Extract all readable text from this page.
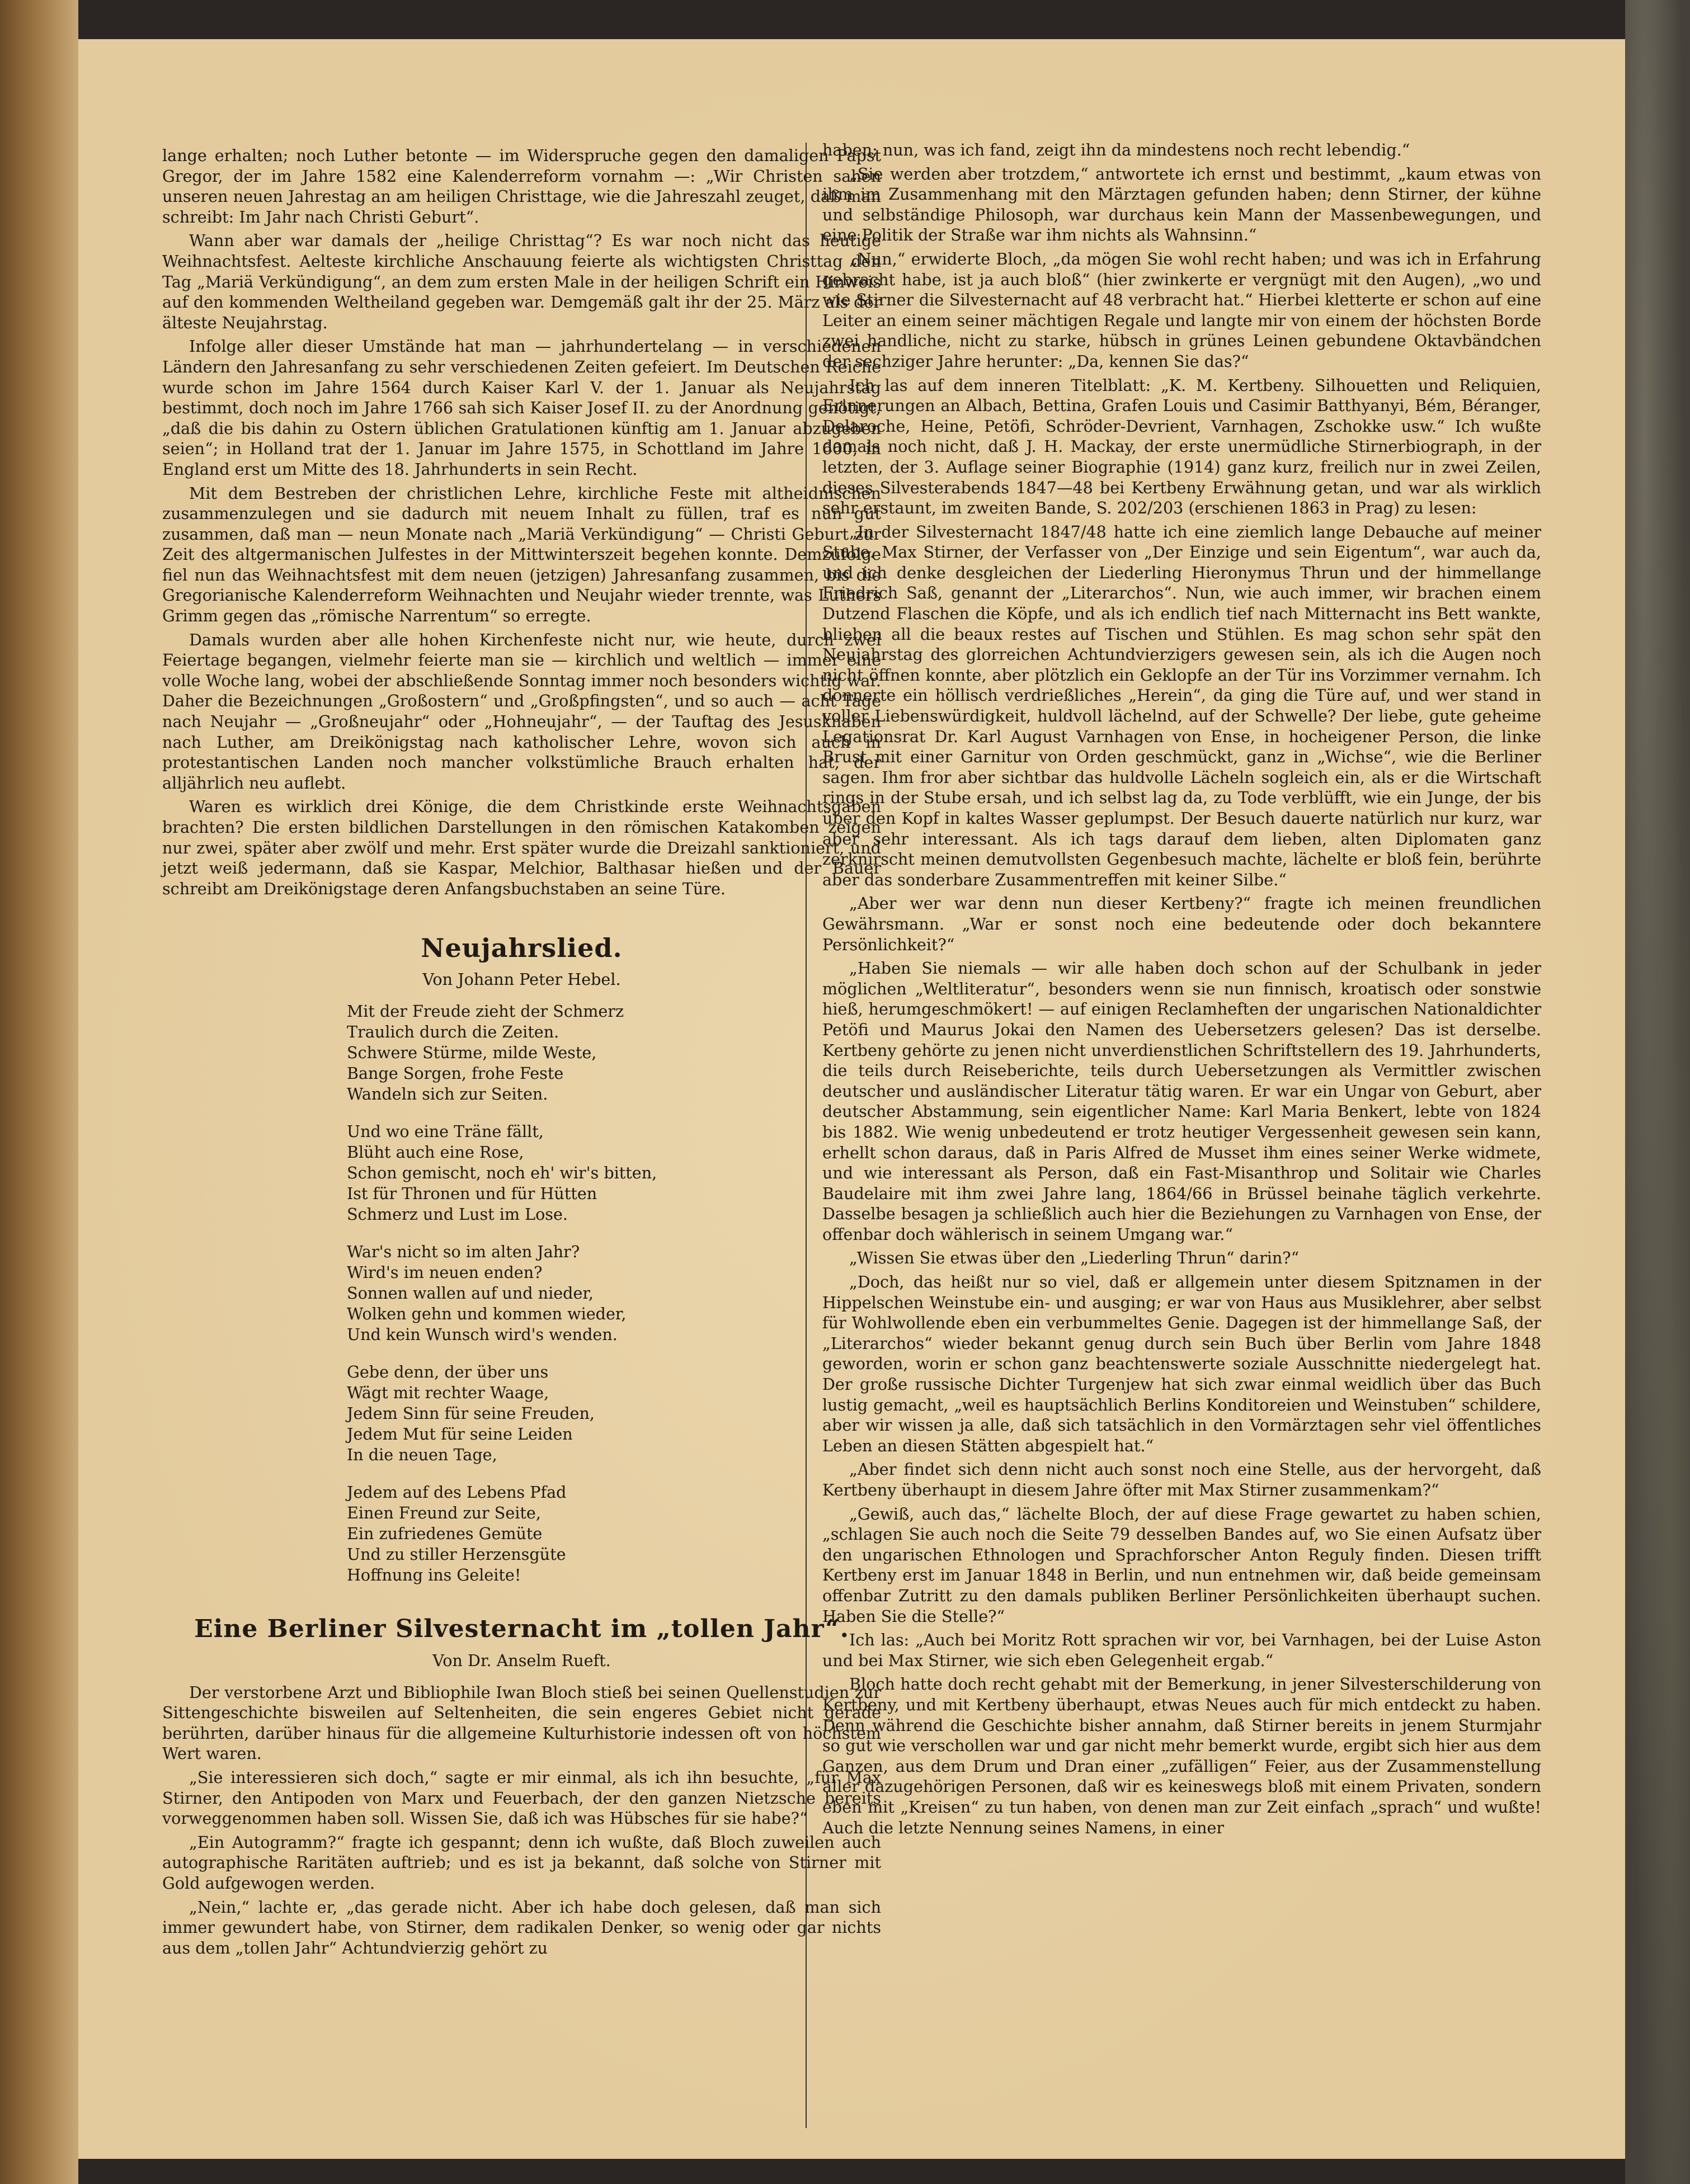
lange erhalten; noch Luther betonte — im Widerspruche gegen den damaligen Papst Gregor, der im Jahre 1582 eine Kalenderreform vornahm —: „Wir Christen sahen unseren neuen Jahrestag an am heiligen Christtage, wie die Jahreszahl zeuget, daß man schreibt: Im Jahr nach Christi Geburt“.

Wann aber war damals der „heilige Christtag“? Es war noch nicht das heutige Weihnachtsfest. Aelteste kirchliche Anschauung feierte als wichtigsten Christtag den Tag „Mariä Verkündigung“, an dem zum ersten Male in der heiligen Schrift ein Hinweis auf den kommenden Weltheiland gegeben war. Demgemäß galt ihr der 25. März als der älteste Neujahrstag.

Infolge aller dieser Umstände hat man — jahrhundertelang — in verschiedenen Ländern den Jahresanfang zu sehr verschiedenen Zeiten gefeiert. Im Deutschen Reiche wurde schon im Jahre 1564 durch Kaiser Karl V. der 1. Januar als Neujahrstag bestimmt, doch noch im Jahre 1766 sah sich Kaiser Josef II. zu der Anordnung genötigt, „daß die bis dahin zu Ostern üblichen Gratulationen künftig am 1. Januar abzugeben seien“; in Holland trat der 1. Januar im Jahre 1575, in Schottland im Jahre 1600, in England erst um Mitte des 18. Jahrhunderts in sein Recht.

Mit dem Bestreben der christlichen Lehre, kirchliche Feste mit altheidnischen zusammenzulegen und sie dadurch mit neuem Inhalt zu füllen, traf es nun gut zusammen, daß man — neun Monate nach „Mariä Verkündigung“ — Christi Geburt zur Zeit des altgermanischen Julfestes in der Mittwinterszeit begehen konnte. Demzufolge fiel nun das Weihnachtsfest mit dem neuen (jetzigen) Jahresanfang zusammen, bis die Gregorianische Kalenderreform Weihnachten und Neujahr wieder trennte, was Luthers Grimm gegen das „römische Narrentum“ so erregte.

Damals wurden aber alle hohen Kirchenfeste nicht nur, wie heute, durch zwei Feiertage begangen, vielmehr feierte man sie — kirchlich und weltlich — immer eine volle Woche lang, wobei der abschließende Sonntag immer noch besonders wichtig war. Daher die Bezeichnungen „Großostern“ und „Großpfingsten“, und so auch — acht Tage nach Neujahr — „Großneujahr“ oder „Hohneujahr“, — der Tauftag des Jesusknaben nach Luther, am Dreikönigstag nach katholischer Lehre, wovon sich auch in protestantischen Landen noch mancher volkstümliche Brauch erhalten hat, der alljährlich neu auflebt.

Waren es wirklich drei Könige, die dem Christkinde erste Weihnachtsgaben brachten? Die ersten bildlichen Darstellungen in den römischen Katakomben zeigen nur zwei, später aber zwölf und mehr. Erst später wurde die Dreizahl sanktioniert, und jetzt weiß jedermann, daß sie Kaspar, Melchior, Balthasar hießen und der Bauer schreibt am Dreikönigstage deren Anfangsbuchstaben an seine Türe.

Neujahrslied.
Von Johann Peter Hebel.
Mit der Freude zieht der Schmerz
Traulich durch die Zeiten.
Schwere Stürme, milde Weste,
Bange Sorgen, frohe Feste
Wandeln sich zur Seiten.
Und wo eine Träne fällt,
Blüht auch eine Rose,
Schon gemischt, noch eh' wir's bitten,
Ist für Thronen und für Hütten
Schmerz und Lust im Lose.
War's nicht so im alten Jahr?
Wird's im neuen enden?
Sonnen wallen auf und nieder,
Wolken gehn und kommen wieder,
Und kein Wunsch wird's wenden.
Gebe denn, der über uns
Wägt mit rechter Waage,
Jedem Sinn für seine Freuden,
Jedem Mut für seine Leiden
In die neuen Tage,
Jedem auf des Lebens Pfad
Einen Freund zur Seite,
Ein zufriedenes Gemüte
Und zu stiller Herzensgüte
Hoffnung ins Geleite!
Eine Berliner Silvesternacht im „tollen Jahr“.
Von Dr. Anselm Rueft.

Der verstorbene Arzt und Bibliophile Iwan Bloch stieß bei seinen Quellenstudien zur Sittengeschichte bisweilen auf Seltenheiten, die sein engeres Gebiet nicht gerade berührten, darüber hinaus für die allgemeine Kulturhistorie indessen oft von höchstem Wert waren.

„Sie interessieren sich doch,“ sagte er mir einmal, als ich ihn besuchte, „für Max Stirner, den Antipoden von Marx und Feuerbach, der den ganzen Nietzsche bereits vorweggenommen haben soll. Wissen Sie, daß ich was Hübsches für sie habe?“

„Ein Autogramm?“ fragte ich gespannt; denn ich wußte, daß Bloch zuweilen auch autographische Raritäten auftrieb; und es ist ja bekannt, daß solche von Stirner mit Gold aufgewogen werden.

„Nein,“ lachte er, „das gerade nicht. Aber ich habe doch gelesen, daß man sich immer gewundert habe, von Stirner, dem radikalen Denker, so wenig oder gar nichts aus dem „tollen Jahr“ Achtundvierzig gehört zu

haben; nun, was ich fand, zeigt ihn da mindestens noch recht lebendig.“

„Sie werden aber trotzdem,“ antwortete ich ernst und bestimmt, „kaum etwas von ihm im Zusammenhang mit den Märztagen gefunden haben; denn Stirner, der kühne und selbständige Philosoph, war durchaus kein Mann der Massenbewegungen, und eine Politik der Straße war ihm nichts als Wahnsinn.“

„Nun,“ erwiderte Bloch, „da mögen Sie wohl recht haben; und was ich in Erfahrung gebracht habe, ist ja auch bloß“ (hier zwinkerte er vergnügt mit den Augen), „wo und wie Stirner die Silvesternacht auf 48 verbracht hat.“ Hierbei kletterte er schon auf eine Leiter an einem seiner mächtigen Regale und langte mir von einem der höchsten Borde zwei handliche, nicht zu starke, hübsch in grünes Leinen gebundene Oktavbändchen der sechziger Jahre herunter: „Da, kennen Sie das?“

Ich las auf dem inneren Titelblatt: „K. M. Kertbeny. Silhouetten und Reliquien, Erinnerungen an Albach, Bettina, Grafen Louis und Casimir Batthyanyi, Bém, Béranger, Delaroche, Heine, Petöfi, Schröder-Devrient, Varnhagen, Zschokke usw.“ Ich wußte damals noch nicht, daß J. H. Mackay, der erste unermüdliche Stirnerbiograph, in der letzten, der 3. Auflage seiner Biographie (1914) ganz kurz, freilich nur in zwei Zeilen, dieses Silvesterabends 1847—48 bei Kertbeny Erwähnung getan, und war als wirklich sehr erstaunt, im zweiten Bande, S. 202/203 (erschienen 1863 in Prag) zu lesen:

„In der Silvesternacht 1847/48 hatte ich eine ziemlich lange Debauche auf meiner Stube. Max Stirner, der Verfasser von „Der Einzige und sein Eigentum“, war auch da, und ich denke desgleichen der Liederling Hieronymus Thrun und der himmellange Friedrich Saß, genannt der „Literarchos“. Nun, wie auch immer, wir brachen einem Dutzend Flaschen die Köpfe, und als ich endlich tief nach Mitternacht ins Bett wankte, blieben all die beaux restes auf Tischen und Stühlen. Es mag schon sehr spät den Neujahrstag des glorreichen Achtundvierzigers gewesen sein, als ich die Augen noch nicht öffnen konnte, aber plötzlich ein Geklopfe an der Tür ins Vorzimmer vernahm. Ich donnerte ein höllisch verdrießliches „Herein“, da ging die Türe auf, und wer stand in voller Liebenswürdigkeit, huldvoll lächelnd, auf der Schwelle? Der liebe, gute geheime Legationsrat Dr. Karl August Varnhagen von Ense, in hocheigener Person, die linke Brust mit einer Garnitur von Orden geschmückt, ganz in „Wichse“, wie die Berliner sagen. Ihm fror aber sichtbar das huldvolle Lächeln sogleich ein, als er die Wirtschaft rings in der Stube ersah, und ich selbst lag da, zu Tode verblüfft, wie ein Junge, der bis über den Kopf in kaltes Wasser geplumpst. Der Besuch dauerte natürlich nur kurz, war aber sehr interessant. Als ich tags darauf dem lieben, alten Diplomaten ganz zerknirscht meinen demutvollsten Gegenbesuch machte, lächelte er bloß fein, berührte aber das sonderbare Zusammentreffen mit keiner Silbe.“

„Aber wer war denn nun dieser Kertbeny?“ fragte ich meinen freundlichen Gewährsmann. „War er sonst noch eine bedeutende oder doch bekanntere Persönlichkeit?“

„Haben Sie niemals — wir alle haben doch schon auf der Schulbank in jeder möglichen „Weltliteratur“, besonders wenn sie nun finnisch, kroatisch oder sonstwie hieß, herumgeschmökert! — auf einigen Reclamheften der ungarischen Nationaldichter Petöfi und Maurus Jokai den Namen des Uebersetzers gelesen? Das ist derselbe. Kertbeny gehörte zu jenen nicht unverdienstlichen Schriftstellern des 19. Jahrhunderts, die teils durch Reiseberichte, teils durch Uebersetzungen als Vermittler zwischen deutscher und ausländischer Literatur tätig waren. Er war ein Ungar von Geburt, aber deutscher Abstammung, sein eigentlicher Name: Karl Maria Benkert, lebte von 1824 bis 1882. Wie wenig unbedeutend er trotz heutiger Vergessenheit gewesen sein kann, erhellt schon daraus, daß in Paris Alfred de Musset ihm eines seiner Werke widmete, und wie interessant als Person, daß ein Fast-Misanthrop und Solitair wie Charles Baudelaire mit ihm zwei Jahre lang, 1864/66 in Brüssel beinahe täglich verkehrte. Dasselbe besagen ja schließlich auch hier die Beziehungen zu Varnhagen von Ense, der offenbar doch wählerisch in seinem Umgang war.“

„Wissen Sie etwas über den „Liederling Thrun“ darin?“

„Doch, das heißt nur so viel, daß er allgemein unter diesem Spitznamen in der Hippelschen Weinstube ein- und ausging; er war von Haus aus Musiklehrer, aber selbst für Wohlwollende eben ein verbummeltes Genie. Dagegen ist der himmellange Saß, der „Literarchos“ wieder bekannt genug durch sein Buch über Berlin vom Jahre 1848 geworden, worin er schon ganz beachtenswerte soziale Ausschnitte niedergelegt hat. Der große russische Dichter Turgenjew hat sich zwar einmal weidlich über das Buch lustig gemacht, „weil es hauptsächlich Berlins Konditoreien und Weinstuben“ schildere, aber wir wissen ja alle, daß sich tatsächlich in den Vormärztagen sehr viel öffentliches Leben an diesen Stätten abgespielt hat.“

„Aber findet sich denn nicht auch sonst noch eine Stelle, aus der hervorgeht, daß Kertbeny überhaupt in diesem Jahre öfter mit Max Stirner zusammenkam?“

„Gewiß, auch das,“ lächelte Bloch, der auf diese Frage gewartet zu haben schien, „schlagen Sie auch noch die Seite 79 desselben Bandes auf, wo Sie einen Aufsatz über den ungarischen Ethnologen und Sprachforscher Anton Reguly finden. Diesen trifft Kertbeny erst im Januar 1848 in Berlin, und nun entnehmen wir, daß beide gemeinsam offenbar Zutritt zu den damals publiken Berliner Persönlichkeiten überhaupt suchen. Haben Sie die Stelle?“

Ich las: „Auch bei Moritz Rott sprachen wir vor, bei Varnhagen, bei der Luise Aston und bei Max Stirner, wie sich eben Gelegenheit ergab.“

Bloch hatte doch recht gehabt mit der Bemerkung, in jener Silvesterschilderung von Kertbeny, und mit Kertbeny überhaupt, etwas Neues auch für mich entdeckt zu haben. Denn während die Geschichte bisher annahm, daß Stirner bereits in jenem Sturmjahr so gut wie verschollen war und gar nicht mehr bemerkt wurde, ergibt sich hier aus dem Ganzen, aus dem Drum und Dran einer „zufälligen“ Feier, aus der Zusammenstellung aller dazugehörigen Personen, daß wir es keineswegs bloß mit einem Privaten, sondern eben mit „Kreisen“ zu tun haben, von denen man zur Zeit einfach „sprach“ und wußte! Auch die letzte Nennung seines Namens, in einer
